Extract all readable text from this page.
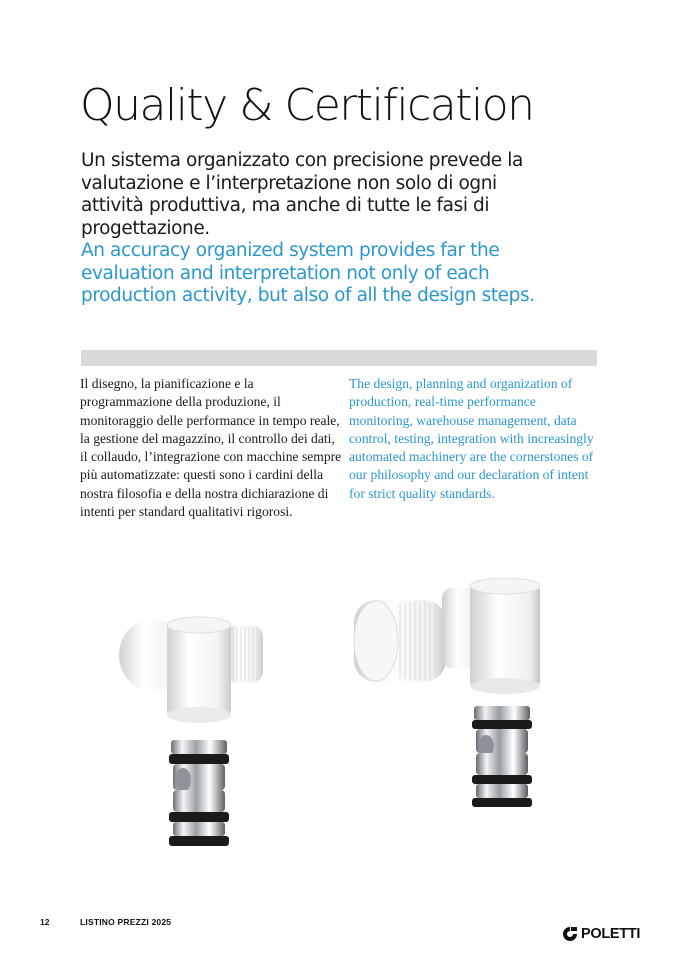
Quality & Certification

Un sistema organizzato con precisione prevede la valutazione e l’interpretazione non solo di ogni attività produttiva, ma anche di tutte le fasi di progettazione.

An accuracy organized system provides far the evaluation and interpretation not only of each production activity, but also of all the design steps.

Il disegno, la pianificazione e la programmazione della produzione, il monitoraggio delle performance in tempo reale, la gestione del magazzino, il controllo dei dati, il collaudo, l’integrazione con macchine sempre più automatizzate: questi sono i cardini della nostra filosofia e della nostra dichiarazione di intenti per standard qualitativi rigorosi.

The design, planning and organization of production, real-time performance monitoring, warehouse management, data control, testing, integration with increasingly automated machinery are the cornerstones of our philosophy and our declaration of intent for strict quality standards.

12	LISTINO PREZZI 2025
POLETTI
